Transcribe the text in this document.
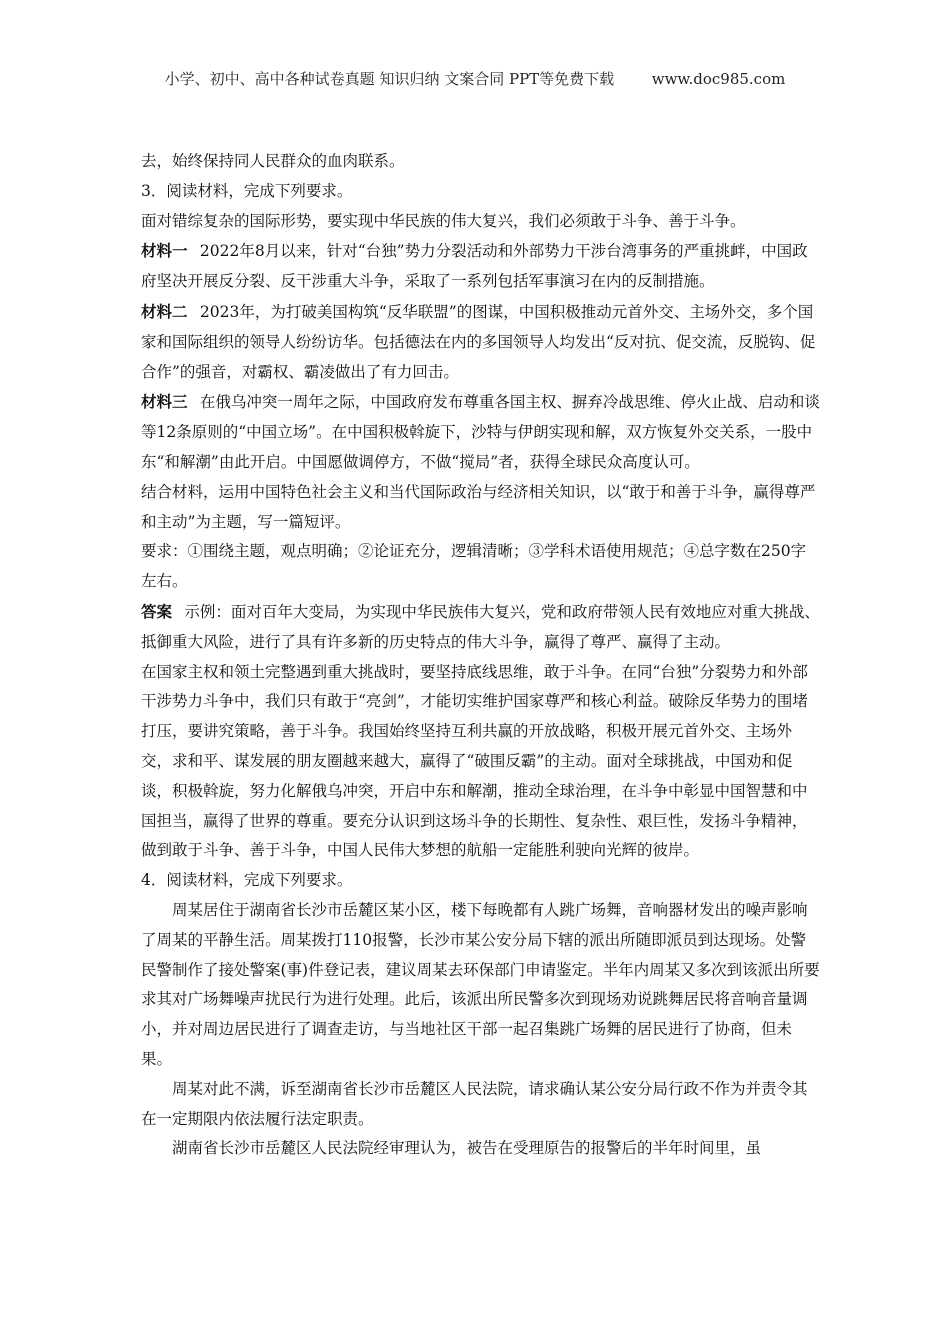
小学、初中、高中各种试卷真题 知识归纳 文案合同 PPT等免费下载	www.doc985.com

去，始终保持同人民群众的血肉联系。

3．阅读材料，完成下列要求。

面对错综复杂的国际形势，要实现中华民族的伟大复兴，我们必须敢于斗争、善于斗争。

材料一 2022年8月以来，针对“台独”势力分裂活动和外部势力干涉台湾事务的严重挑衅，中国政府坚决开展反分裂、反干涉重大斗争，采取了一系列包括军事演习在内的反制措施。

材料二 2023年，为打破美国构筑“反华联盟”的图谋，中国积极推动元首外交、主场外交，多个国家和国际组织的领导人纷纷访华。包括德法在内的多国领导人均发出“反对抗、促交流，反脱钩、促合作”的强音，对霸权、霸凌做出了有力回击。

材料三 在俄乌冲突一周年之际，中国政府发布尊重各国主权、摒弃冷战思维、停火止战、启动和谈等12条原则的“中国立场”。在中国积极斡旋下，沙特与伊朗实现和解，双方恢复外交关系，一股中东“和解潮”由此开启。中国愿做调停方，不做“搅局”者，获得全球民众高度认可。

结合材料，运用中国特色社会主义和当代国际政治与经济相关知识，以“敢于和善于斗争，赢得尊严和主动”为主题，写一篇短评。

要求：①围绕主题，观点明确；②论证充分，逻辑清晰；③学科术语使用规范；④总字数在250字左右。

答案 示例：面对百年大变局，为实现中华民族伟大复兴，党和政府带领人民有效地应对重大挑战、抵御重大风险，进行了具有许多新的历史特点的伟大斗争，赢得了尊严、赢得了主动。

在国家主权和领土完整遇到重大挑战时，要坚持底线思维，敢于斗争。在同“台独”分裂势力和外部干涉势力斗争中，我们只有敢于“亮剑”，才能切实维护国家尊严和核心利益。破除反华势力的围堵打压，要讲究策略，善于斗争。我国始终坚持互利共赢的开放战略，积极开展元首外交、主场外交，求和平、谋发展的朋友圈越来越大，赢得了“破围反霸”的主动。面对全球挑战，中国劝和促谈，积极斡旋，努力化解俄乌冲突，开启中东和解潮，推动全球治理，在斗争中彰显中国智慧和中国担当，赢得了世界的尊重。要充分认识到这场斗争的长期性、复杂性、艰巨性，发扬斗争精神，做到敢于斗争、善于斗争，中国人民伟大梦想的航船一定能胜利驶向光辉的彼岸。

4．阅读材料，完成下列要求。

周某居住于湖南省长沙市岳麓区某小区，楼下每晚都有人跳广场舞，音响器材发出的噪声影响了周某的平静生活。周某拨打110报警，长沙市某公安分局下辖的派出所随即派员到达现场。处警民警制作了接处警案(事)件登记表，建议周某去环保部门申请鉴定。半年内周某又多次到该派出所要求其对广场舞噪声扰民行为进行处理。此后，该派出所民警多次到现场劝说跳舞居民将音响音量调小，并对周边居民进行了调查走访，与当地社区干部一起召集跳广场舞的居民进行了协商，但未果。

周某对此不满，诉至湖南省长沙市岳麓区人民法院，请求确认某公安分局行政不作为并责令其在一定期限内依法履行法定职责。

湖南省长沙市岳麓区人民法院经审理认为，被告在受理原告的报警后的半年时间里，虽
